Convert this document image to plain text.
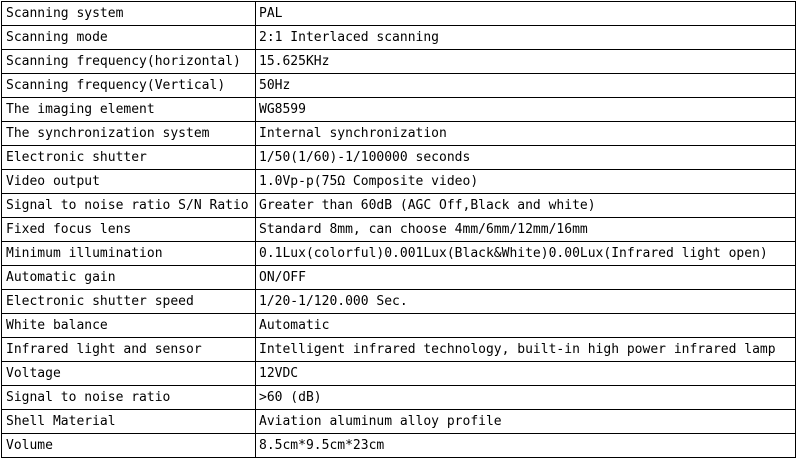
Scanning system	PAL
Scanning mode	2:1 Interlaced scanning
Scanning frequency(horizontal)	15.625KHz
Scanning frequency(Vertical)	50Hz
The imaging element	WG8599
The synchronization system	Internal synchronization
Electronic shutter	1/50(1/60)-1/100000 seconds
Video output	1.0Vp-p(75Ω Composite video)
Signal to noise ratio S/N Ratio	Greater than 60dB (AGC Off,Black and white)
Fixed focus lens	Standard 8mm, can choose 4mm/6mm/12mm/16mm
Minimum illumination	0.1Lux(colorful)0.001Lux(Black&White)0.00Lux(Infrared light open)
Automatic gain	ON/OFF
Electronic shutter speed	1/20-1/120.000 Sec.
White balance	Automatic
Infrared light and sensor	Intelligent infrared technology, built-in high power infrared lamp
Voltage	12VDC
Signal to noise ratio	>60 (dB)
Shell Material	Aviation aluminum alloy profile
Volume	8.5cm*9.5cm*23cm
